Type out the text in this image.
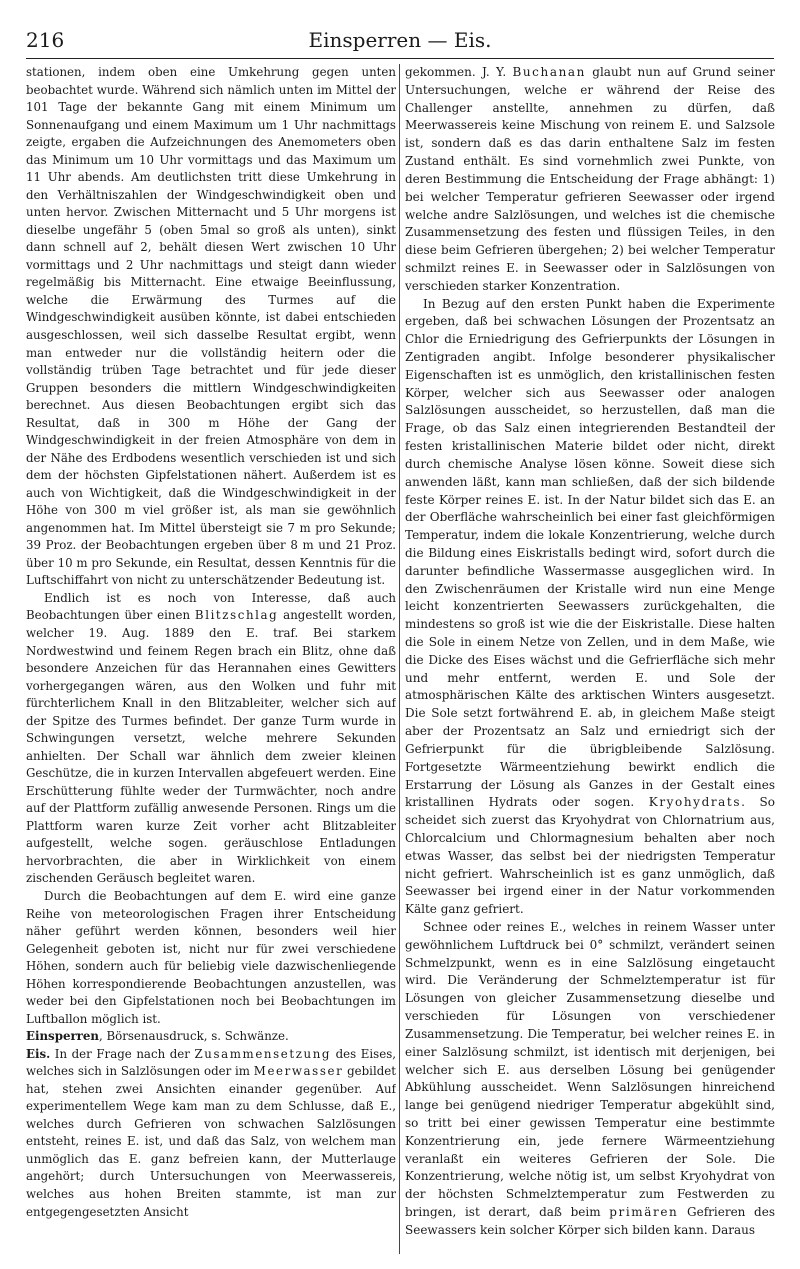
216	Einsperren — Eis.

stationen, indem oben eine Umkehrung gegen unten beobachtet wurde. Während sich nämlich unten im Mittel der 101 Tage der bekannte Gang mit einem Minimum um Sonnenaufgang und einem Maximum um 1 Uhr nachmittags zeigte, ergaben die Aufzeichnungen des Anemometers oben das Minimum um 10 Uhr vormittags und das Maximum um 11 Uhr abends. Am deutlichsten tritt diese Umkehrung in den Verhältniszahlen der Windgeschwindigkeit oben und unten hervor. Zwischen Mitternacht und 5 Uhr morgens ist dieselbe ungefähr 5 (oben 5mal so groß als unten), sinkt dann schnell auf 2, behält diesen Wert zwischen 10 Uhr vormittags und 2 Uhr nachmittags und steigt dann wieder regelmäßig bis Mitternacht. Eine etwaige Beeinflussung, welche die Erwärmung des Turmes auf die Windgeschwindigkeit ausüben könnte, ist dabei entschieden ausgeschlossen, weil sich dasselbe Resultat ergibt, wenn man entweder nur die vollständig heitern oder die vollständig trüben Tage betrachtet und für jede dieser Gruppen besonders die mittlern Windgeschwindigkeiten berechnet. Aus diesen Beobachtungen ergibt sich das Resultat, daß in 300 m Höhe der Gang der Windgeschwindigkeit in der freien Atmosphäre von dem in der Nähe des Erdbodens wesentlich verschieden ist und sich dem der höchsten Gipfelstationen nähert. Außerdem ist es auch von Wichtigkeit, daß die Windgeschwindigkeit in der Höhe von 300 m viel größer ist, als man sie gewöhnlich angenommen hat. Im Mittel übersteigt sie 7 m pro Sekunde; 39 Proz. der Beobachtungen ergeben über 8 m und 21 Proz. über 10 m pro Sekunde, ein Resultat, dessen Kenntnis für die Luftschiffahrt von nicht zu unterschätzender Bedeutung ist.

Endlich ist es noch von Interesse, daß auch Beobachtungen über einen Blitzschlag angestellt worden, welcher 19. Aug. 1889 den E. traf. Bei starkem Nordwestwind und feinem Regen brach ein Blitz, ohne daß besondere Anzeichen für das Herannahen eines Gewitters vorhergegangen wären, aus den Wolken und fuhr mit fürchterlichem Knall in den Blitzableiter, welcher sich auf der Spitze des Turmes befindet. Der ganze Turm wurde in Schwingungen versetzt, welche mehrere Sekunden anhielten. Der Schall war ähnlich dem zweier kleinen Geschütze, die in kurzen Intervallen abgefeuert werden. Eine Erschütterung fühlte weder der Turmwächter, noch andre auf der Plattform zufällig anwesende Personen. Rings um die Plattform waren kurze Zeit vorher acht Blitzableiter aufgestellt, welche sogen. geräuschlose Entladungen hervorbrachten, die aber in Wirklichkeit von einem zischenden Geräusch begleitet waren.

Durch die Beobachtungen auf dem E. wird eine ganze Reihe von meteorologischen Fragen ihrer Entscheidung näher geführt werden können, besonders weil hier Gelegenheit geboten ist, nicht nur für zwei verschiedene Höhen, sondern auch für beliebig viele dazwischenliegende Höhen korrespondierende Beobachtungen anzustellen, was weder bei den Gipfelstationen noch bei Beobachtungen im Luftballon möglich ist.

Einsperren, Börsenausdruck, s. Schwänze.

Eis. In der Frage nach der Zusammensetzung des Eises, welches sich in Salzlösungen oder im Meerwasser gebildet hat, stehen zwei Ansichten einander gegenüber. Auf experimentellem Wege kam man zu dem Schlusse, daß E., welches durch Gefrieren von schwachen Salzlösungen entsteht, reines E. ist, und daß das Salz, von welchem man unmöglich das E. ganz befreien kann, der Mutterlauge angehört; durch Untersuchungen von Meerwassereis, welches aus hohen Breiten stammte, ist man zur entgegengesetzten Ansicht

gekommen. J. Y. Buchanan glaubt nun auf Grund seiner Untersuchungen, welche er während der Reise des Challenger anstellte, annehmen zu dürfen, daß Meerwassereis keine Mischung von reinem E. und Salzsole ist, sondern daß es das darin enthaltene Salz im festen Zustand enthält. Es sind vornehmlich zwei Punkte, von deren Bestimmung die Entscheidung der Frage abhängt: 1) bei welcher Temperatur gefrieren Seewasser oder irgend welche andre Salzlösungen, und welches ist die chemische Zusammensetzung des festen und flüssigen Teiles, in den diese beim Gefrieren übergehen; 2) bei welcher Temperatur schmilzt reines E. in Seewasser oder in Salzlösungen von verschieden starker Konzentration.

In Bezug auf den ersten Punkt haben die Experimente ergeben, daß bei schwachen Lösungen der Prozentsatz an Chlor die Erniedrigung des Gefrierpunkts der Lösungen in Zentigraden angibt. Infolge besonderer physikalischer Eigenschaften ist es unmöglich, den kristallinischen festen Körper, welcher sich aus Seewasser oder analogen Salzlösungen ausscheidet, so herzustellen, daß man die Frage, ob das Salz einen integrierenden Bestandteil der festen kristallinischen Materie bildet oder nicht, direkt durch chemische Analyse lösen könne. Soweit diese sich anwenden läßt, kann man schließen, daß der sich bildende feste Körper reines E. ist. In der Natur bildet sich das E. an der Oberfläche wahrscheinlich bei einer fast gleichförmigen Temperatur, indem die lokale Konzentrierung, welche durch die Bildung eines Eiskristalls bedingt wird, sofort durch die darunter befindliche Wassermasse ausgeglichen wird. In den Zwischenräumen der Kristalle wird nun eine Menge leicht konzentrierten Seewassers zurückgehalten, die mindestens so groß ist wie die der Eiskristalle. Diese halten die Sole in einem Netze von Zellen, und in dem Maße, wie die Dicke des Eises wächst und die Gefrierfläche sich mehr und mehr entfernt, werden E. und Sole der atmosphärischen Kälte des arktischen Winters ausgesetzt. Die Sole setzt fortwährend E. ab, in gleichem Maße steigt aber der Prozentsatz an Salz und erniedrigt sich der Gefrierpunkt für die übrigbleibende Salzlösung. Fortgesetzte Wärmeentziehung bewirkt endlich die Erstarrung der Lösung als Ganzes in der Gestalt eines kristallinen Hydrats oder sogen. Kryohydrats. So scheidet sich zuerst das Kryohydrat von Chlornatrium aus, Chlorcalcium und Chlormagnesium behalten aber noch etwas Wasser, das selbst bei der niedrigsten Temperatur nicht gefriert. Wahrscheinlich ist es ganz unmöglich, daß Seewasser bei irgend einer in der Natur vorkommenden Kälte ganz gefriert.

Schnee oder reines E., welches in reinem Wasser unter gewöhnlichem Luftdruck bei 0° schmilzt, verändert seinen Schmelzpunkt, wenn es in eine Salzlösung eingetaucht wird. Die Veränderung der Schmelztemperatur ist für Lösungen von gleicher Zusammensetzung dieselbe und verschieden für Lösungen von verschiedener Zusammensetzung. Die Temperatur, bei welcher reines E. in einer Salzlösung schmilzt, ist identisch mit derjenigen, bei welcher sich E. aus derselben Lösung bei genügender Abkühlung ausscheidet. Wenn Salzlösungen hinreichend lange bei genügend niedriger Temperatur abgekühlt sind, so tritt bei einer gewissen Temperatur eine bestimmte Konzentrierung ein, jede fernere Wärmeentziehung veranlaßt ein weiteres Gefrieren der Sole. Die Konzentrierung, welche nötig ist, um selbst Kryohydrat von der höchsten Schmelztemperatur zum Festwerden zu bringen, ist derart, daß beim primären Gefrieren des Seewassers kein solcher Körper sich bilden kann. Daraus
